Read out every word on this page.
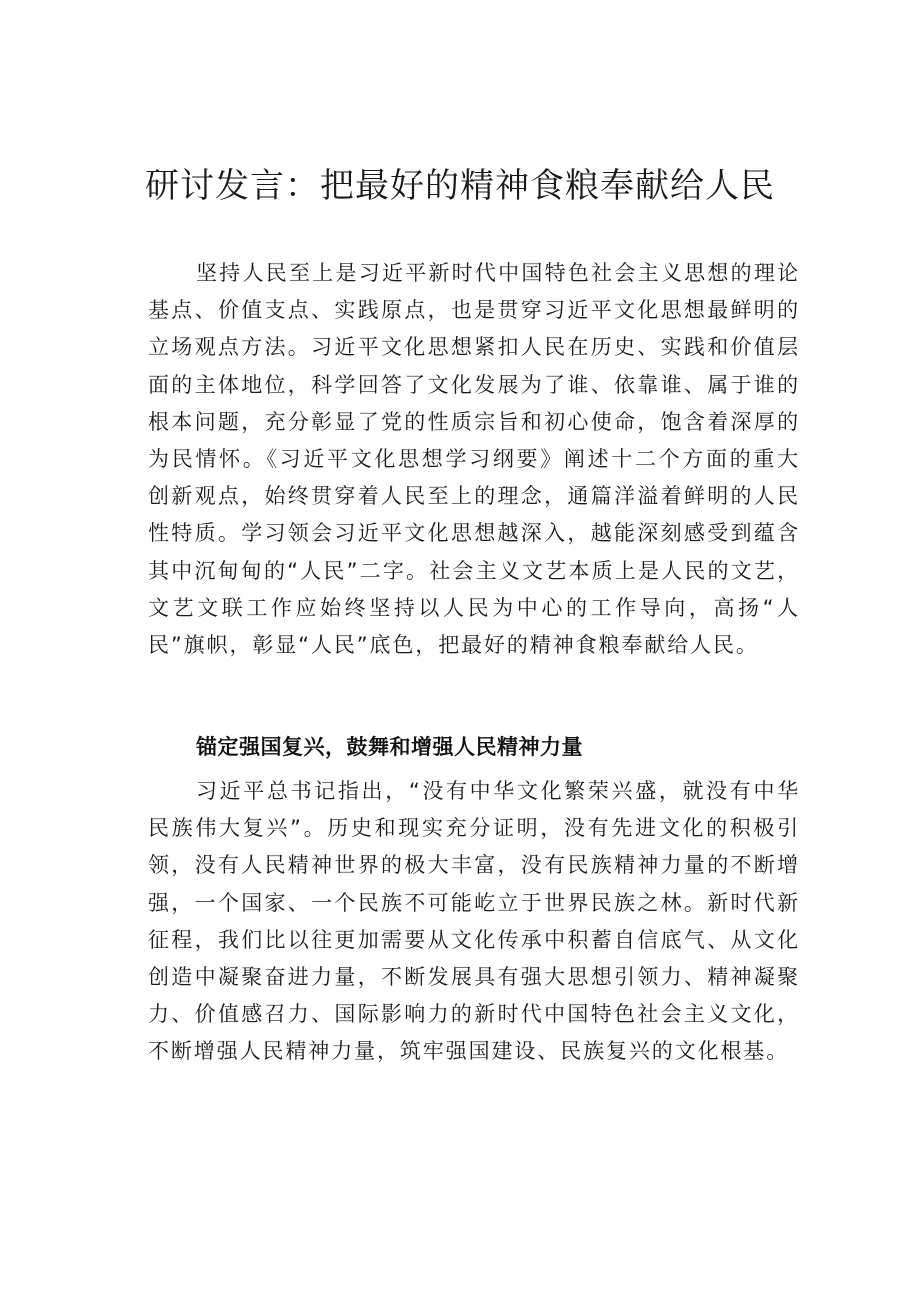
研讨发言：把最好的精神食粮奉献给人民

坚持人民至上是习近平新时代中国特色社会主义思想的理论基点、价值支点、实践原点，也是贯穿习近平文化思想最鲜明的立场观点方法。习近平文化思想紧扣人民在历史、实践和价值层面的主体地位，科学回答了文化发展为了谁、依靠谁、属于谁的根本问题，充分彰显了党的性质宗旨和初心使命，饱含着深厚的为民情怀。《习近平文化思想学习纲要》阐述十二个方面的重大创新观点，始终贯穿着人民至上的理念，通篇洋溢着鲜明的人民性特质。学习领会习近平文化思想越深入，越能深刻感受到蕴含其中沉甸甸的“人民”二字。社会主义文艺本质上是人民的文艺，文艺文联工作应始终坚持以人民为中心的工作导向，高扬“人民”旗帜，彰显“人民”底色，把最好的精神食粮奉献给人民。

锚定强国复兴，鼓舞和增强人民精神力量

习近平总书记指出，“没有中华文化繁荣兴盛，就没有中华民族伟大复兴”。历史和现实充分证明，没有先进文化的积极引领，没有人民精神世界的极大丰富，没有民族精神力量的不断增强，一个国家、一个民族不可能屹立于世界民族之林。新时代新征程，我们比以往更加需要从文化传承中积蓄自信底气、从文化创造中凝聚奋进力量，不断发展具有强大思想引领力、精神凝聚力、价值感召力、国际影响力的新时代中国特色社会主义文化，不断增强人民精神力量，筑牢强国建设、民族复兴的文化根基。
